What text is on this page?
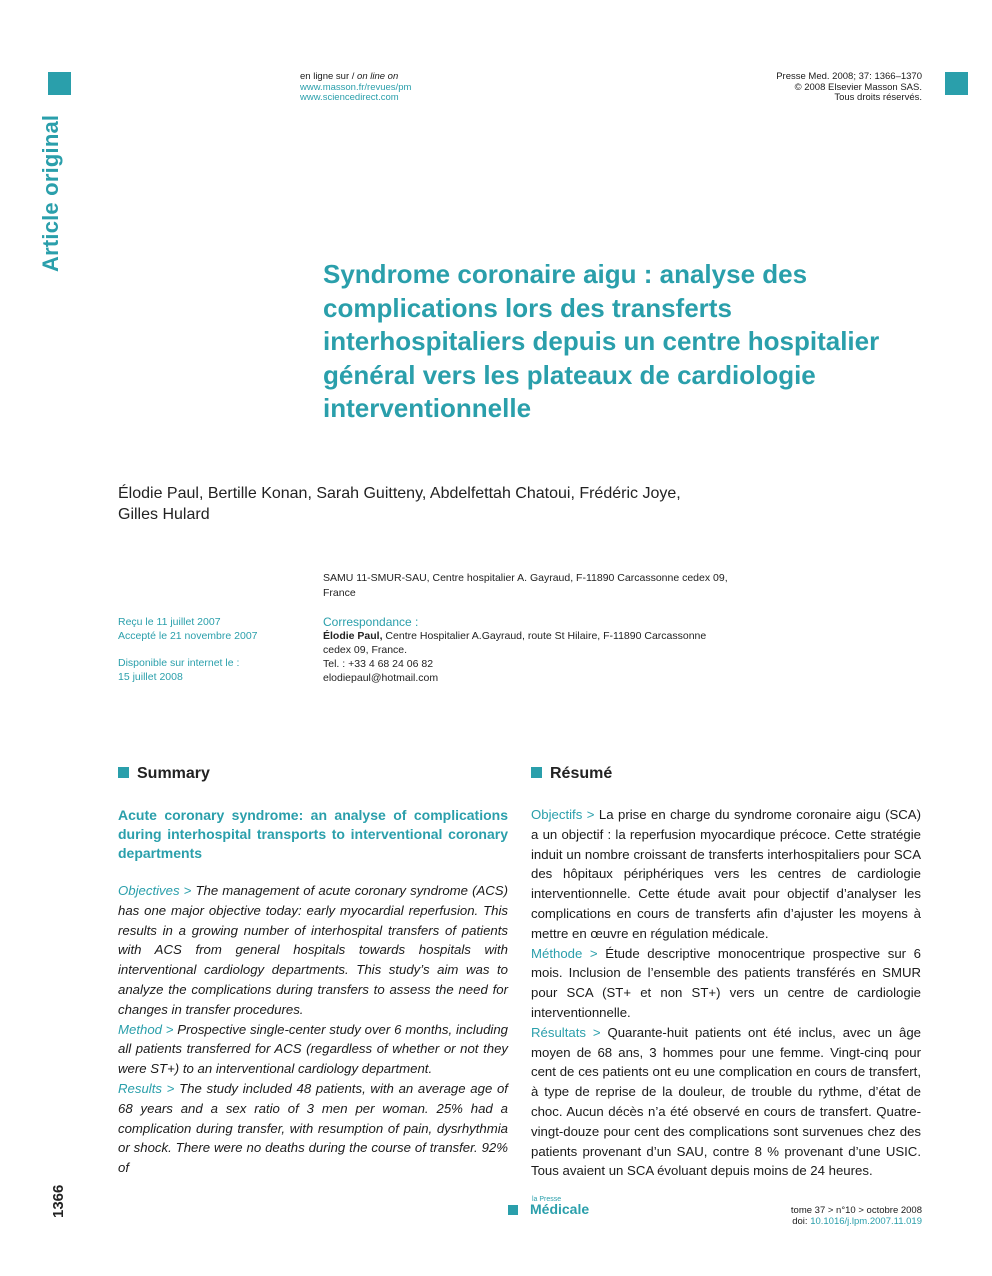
Article original
en ligne sur / on line on
www.masson.fr/revues/pm
www.sciencedirect.com
Presse Med. 2008; 37: 1366–1370
© 2008 Elsevier Masson SAS.
Tous droits réservés.
Syndrome coronaire aigu : analyse des complications lors des transferts interhospitaliers depuis un centre hospitalier général vers les plateaux de cardiologie interventionnelle
Élodie Paul, Bertille Konan, Sarah Guitteny, Abdelfettah Chatoui, Frédéric Joye,
Gilles Hulard
SAMU 11-SMUR-SAU, Centre hospitalier A. Gayraud, F-11890 Carcassonne cedex 09,
France
Reçu le 11 juillet 2007
Accepté le 21 novembre 2007
Disponible sur internet le :
15 juillet 2008
Correspondance :
Élodie Paul, Centre Hospitalier A.Gayraud, route St Hilaire, F-11890 Carcassonne
cedex 09, France.
Tel. : +33 4 68 24 06 82
elodiepaul@hotmail.com
Summary
Acute coronary syndrome: an analyse of complications during interhospital transports to interventional coronary departments

Objectives > The management of acute coronary syndrome (ACS) has one major objective today: early myocardial reperfusion. This results in a growing number of interhospital transfers of patients with ACS from general hospitals towards hospitals with interventional cardiology departments. This study’s aim was to analyze the complications during transfers to assess the need for changes in transfer procedures.

Method > Prospective single-center study over 6 months, including all patients transferred for ACS (regardless of whether or not they were ST+) to an interventional cardiology department.

Results > The study included 48 patients, with an average age of 68 years and a sex ratio of 3 men per woman. 25% had a complication during transfer, with resumption of pain, dysrhythmia or shock. There were no deaths during the course of transfer. 92% of

Résumé

Objectifs > La prise en charge du syndrome coronaire aigu (SCA) a un objectif : la reperfusion myocardique précoce. Cette stratégie induit un nombre croissant de transferts interhospitaliers pour SCA des hôpitaux périphériques vers les centres de cardiologie interventionnelle. Cette étude avait pour objectif d’analyser les complications en cours de transferts afin d’ajuster les moyens à mettre en œuvre en régulation médicale.

Méthode > Étude descriptive monocentrique prospective sur 6 mois. Inclusion de l’ensemble des patients transférés en SMUR pour SCA (ST+ et non ST+) vers un centre de cardiologie interventionnelle.

Résultats > Quarante-huit patients ont été inclus, avec un âge moyen de 68 ans, 3 hommes pour une femme. Vingt-cinq pour cent de ces patients ont eu une complication en cours de transfert, à type de reprise de la douleur, de trouble du rythme, d’état de choc. Aucun décès n’a été observé en cours de transfert. Quatre-vingt-douze pour cent des complications sont survenues chez des patients provenant d’un SAU, contre 8 % provenant d’une USIC. Tous avaient un SCA évoluant depuis moins de 24 heures.

1366	la Presse
Médicale	tome 37 > n°10 > octobre 2008
doi: 10.1016/j.lpm.2007.11.019
